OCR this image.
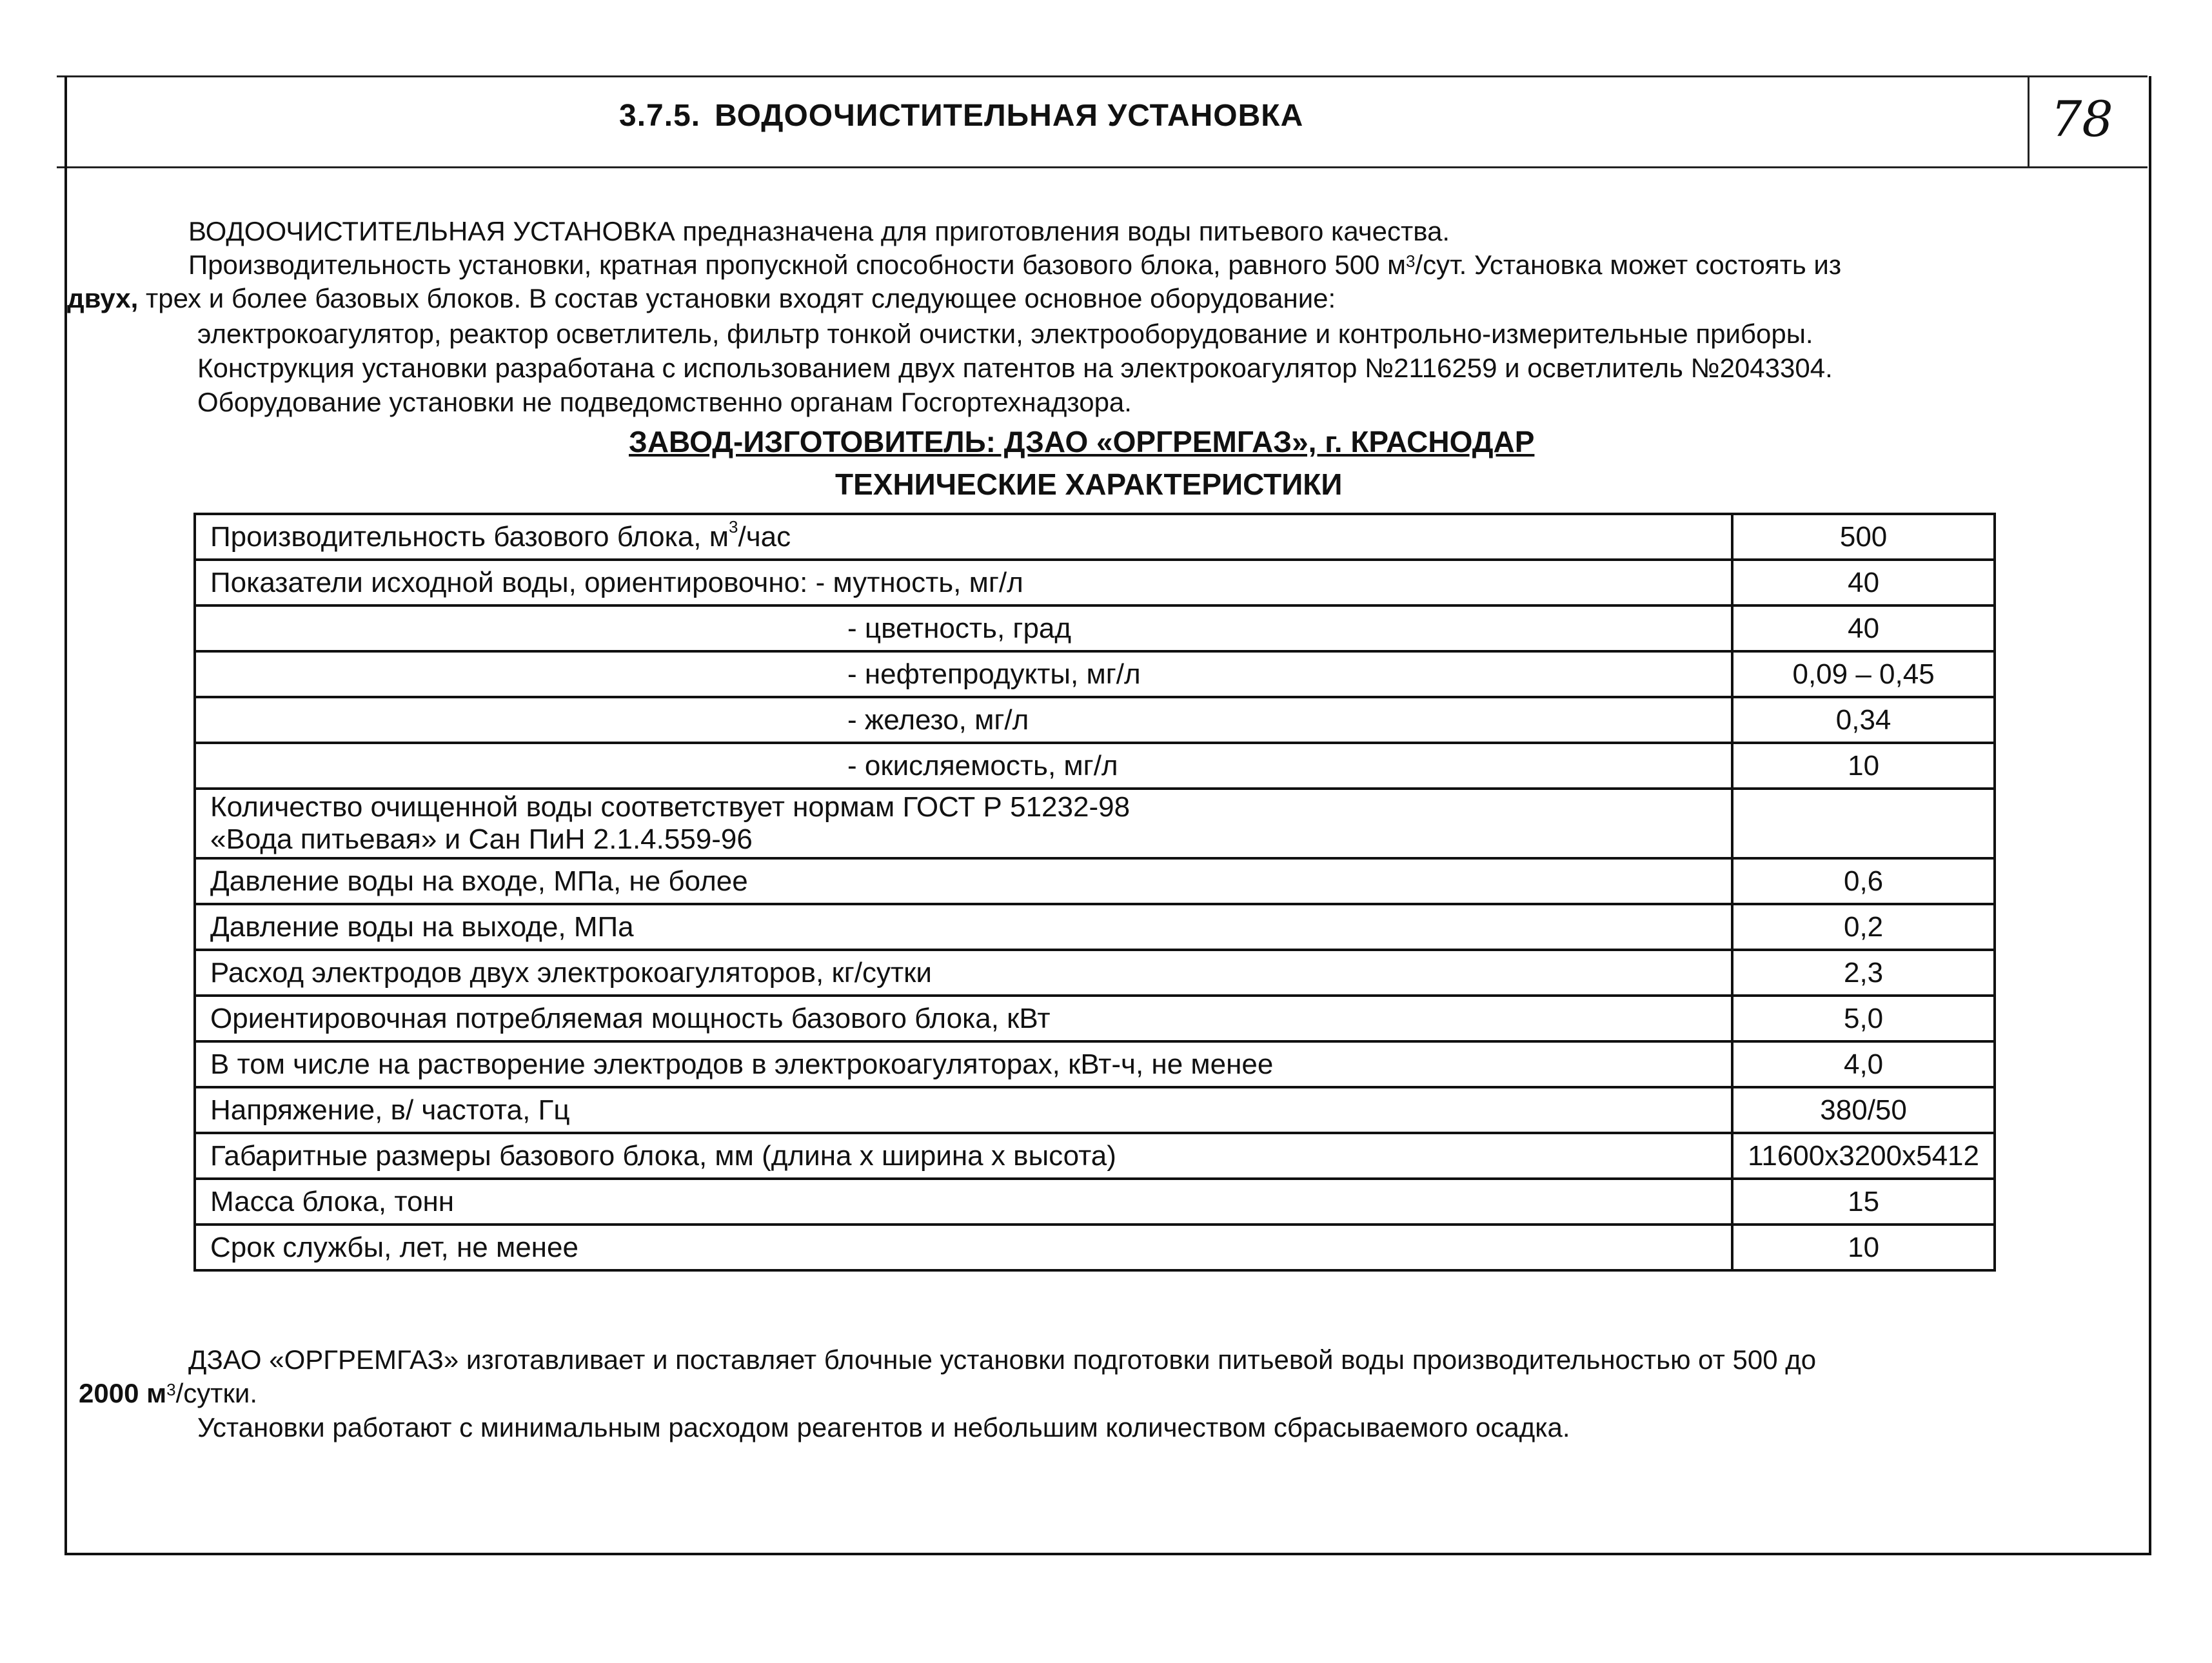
3.7.5. ВОДООЧИСТИТЕЛЬНАЯ УСТАНОВКА	78
ВОДООЧИСТИТЕЛЬНАЯ УСТАНОВКА предназначена для приготовления воды питьевого качества.
Производительность установки, кратная пропускной способности базового блока, равного 500 $м^3$/сут. Установка может состоять из
двух, трех и более базовых блоков. В состав установки входят следующее основное оборудование:
электрокоагулятор, реактор осветлитель, фильтр тонкой очистки, электрооборудование и контрольно-измерительные приборы.
Конструкция установки разработана с использованием двух патентов на электрокоагулятор №2116259 и осветлитель №2043304.
Оборудование установки не подведомственно органам Госгортехнадзора.
ЗАВОД-ИЗГОТОВИТЕЛЬ: ДЗАО «ОРГРЕМГАЗ», г. КРАСНОДАР
ТЕХНИЧЕСКИЕ ХАРАКТЕРИСТИКИ
Производительность базового блока, $м^3$/час	500
Показатели исходной воды, ориентировочно: - мутность, мг/л	40
- цветность, град	40
- нефтепродукты, мг/л	0,09 – 0,45
- железо, мг/л	0,34
- окисляемость, мг/л	10

Количество очищенной воды соответствует нормам ГОСТ Р 51232-98
«Вода питьевая» и Сан ПиН 2.1.4.559-96	

Давление воды на входе, МПа, не более	0,6
Давление воды на выходе, МПа	0,2
Расход электродов двух электрокоагуляторов, кг/сутки	2,3
Ориентировочная потребляемая мощность базового блока, кВт	5,0
В том числе на растворение электродов в электрокоагуляторах, кВт-ч, не менее	4,0
Напряжение, в/ частота, Гц	380/50
Габаритные размеры базового блока, мм (длина х ширина х высота)	11600х3200х5412
Масса блока, тонн	15
Срок службы, лет, не менее	10
ДЗАО «ОРГРЕМГАЗ» изготавливает и поставляет блочные установки подготовки питьевой воды производительностью от 500 до
2000 $м^3$/сутки.
Установки работают с минимальным расходом реагентов и небольшим количеством сбрасываемого осадка.
